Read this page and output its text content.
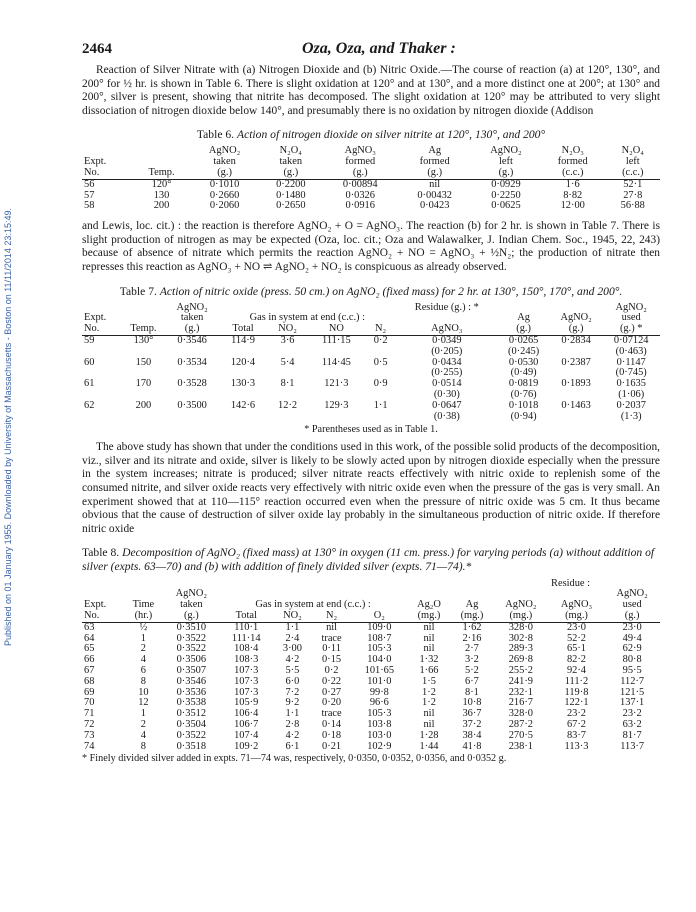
Published on 01 January 1955. Downloaded by University of Massachusetts - Boston on 11/11/2014 23:15:49.
2464	Oza, Oza, and Thaker :

Reaction of Silver Nitrate with (a) Nitrogen Dioxide and (b) Nitric Oxide.—The course of reaction (a) at 120°, 130°, and 200° for ½ hr. is shown in Table 6. There is slight oxidation at 120° and at 130°, and a more distinct one at 200°; at 130° and 200°, silver is present, showing that nitrite has decomposed. The slight oxidation at 120° may be attributed to very slight dissociation of nitrogen dioxide below 140°, and presumably there is no oxidation by nitrogen dioxide (Addison

Table 6. Action of nitrogen dioxide on silver nitrite at 120°, 130°, and 200°
		AgNO₂	N₂O₄	AgNO₃	Ag	AgNO₂	N₂O₃	N₂O₄
Expt.		taken	taken	formed	formed	left	formed	left
No.	Temp.	(g.)	(g.)	(g.)	(g.)	(g.)	(c.c.)	(c.c.)
56	120°	0·1010	0·2200	0·00894	nil	0·0929	1·6	52·1
57	130	0·2660	0·1480	0·0326	0·00432	0·2250	8·82	27·8
58	200	0·2060	0·2650	0·0916	0·0423	0·0625	12·00	56·88

and Lewis, loc. cit.) : the reaction is therefore AgNO₂ + O = AgNO₃. The reaction (b) for 2 hr. is shown in Table 7. There is slight production of nitrogen as may be expected (Oza, loc. cit.; Oza and Walawalker, J. Indian Chem. Soc., 1945, 22, 243) because of absence of nitrate which permits the reaction AgNO₂ + NO = AgNO₃ + ½N₂; the production of nitrate then represses this reaction as AgNO₃ + NO ⇌ AgNO₂ + NO₂ is conspicuous as already observed.

Table 7. Action of nitric oxide (press. 50 cm.) on AgNO₂ (fixed mass) for 2 hr. at 130°, 150°, 170°, and 200°.
		AgNO₂					Residue (g.) : *			AgNO₂
Expt.		taken	Gas in system at end (c.c.) :					Ag	AgNO₂	used
No.	Temp.	(g.)	Total	NO₂	NO	N₂	AgNO₃	(g.)	(g.)	(g.) *
59	130°	0·3546	114·9	3·6	111·15	0·2	0·0349	0·0265	0·2834	0·07124
							(0·205)	(0·245)		(0·463)
60	150	0·3534	120·4	5·4	114·45	0·5	0·0434	0·0530	0·2387	0·1147
							(0·255)	(0·49)		(0·745)
61	170	0·3528	130·3	8·1	121·3	0·9	0·0514	0·0819	0·1893	0·1635
							(0·30)	(0·76)		(1·06)
62	200	0·3500	142·6	12·2	129·3	1·1	0·0647	0·1018	0·1463	0·2037
							(0·38)	(0·94)		(1·3)
* Parentheses used as in Table 1.

The above study has shown that under the conditions used in this work, of the possible solid products of the decomposition, viz., silver and its nitrate and oxide, silver is likely to be slowly acted upon by nitrogen dioxide especially when the pressure in the system increases; nitrate is produced; silver nitrate reacts effectively with nitric oxide to replenish some of the consumed nitrite, and silver oxide reacts very effectively with nitric oxide even when the pressure of the gas is very small. An experiment showed that at 110—115° reaction occurred even when the pressure of nitric oxide was 5 cm. It thus became obvious that the cause of destruction of silver oxide lay probably in the simultaneous production of nitric oxide. If therefore nitric oxide

Table 8. Decomposition of AgNO₂ (fixed mass) at 130° in oxygen (11 cm. press.) for varying periods (a) without addition of silver (expts. 63—70) and (b) with addition of finely divided silver (expts. 71—74).*
Residue :
		AgNO₂									AgNO₂
Expt.	Time	taken	Gas in system at end (c.c.) :				Ag₂O	Ag	AgNO₂	AgNO₃	used
No.	(hr.)	(g.)	Total	NO₂	N₂	O₂	(mg.)	(mg.)	(mg.)	(mg.)	(g.)
63	½	0·3510	110·1	1·1	nil	109·0	nil	1·62	328·0	23·0	23·0
64	1	0·3522	111·14	2·4	trace	108·7	nil	2·16	302·8	52·2	49·4
65	2	0·3522	108·4	3·00	0·11	105·3	nil	2·7	289·3	65·1	62·9
66	4	0·3506	108·3	4·2	0·15	104·0	1·32	3·2	269·8	82·2	80·8
67	6	0·3507	107·3	5·5	0·2	101·65	1·66	5·2	255·2	92·4	95·5
68	8	0·3546	107·3	6·0	0·22	101·0	1·5	6·7	241·9	111·2	112·7
69	10	0·3536	107·3	7·2	0·27	99·8	1·2	8·1	232·1	119·8	121·5
70	12	0·3538	105·9	9·2	0·20	96·6	1·2	10·8	216·7	122·1	137·1
71	1	0·3512	106·4	1·1	trace	105·3	nil	36·7	328·0	23·2	23·2
72	2	0·3504	106·7	2·8	0·14	103·8	nil	37·2	287·2	67·2	63·2
73	4	0·3522	107·4	4·2	0·18	103·0	1·28	38·4	270·5	83·7	81·7
74	8	0·3518	109·2	6·1	0·21	102·9	1·44	41·8	238·1	113·3	113·7
* Finely divided silver added in expts. 71—74 was, respectively, 0·0350, 0·0352, 0·0356, and 0·0352 g.
